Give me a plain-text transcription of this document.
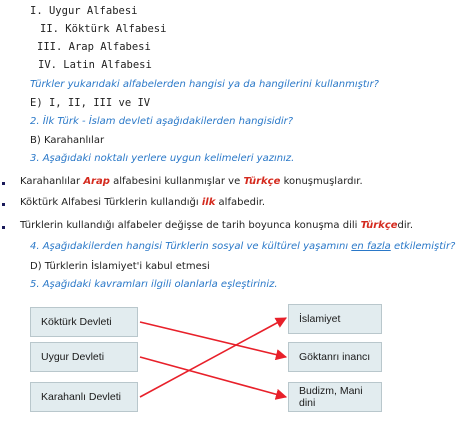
I. Uygur Alfabesi
II. Köktürk Alfabesi
III. Arap Alfabesi
IV. Latin Alfabesi
Türkler yukarıdaki alfabelerden hangisi ya da hangilerini kullanmıştır?
E) I, II, III ve IV
2. İlk Türk - İslam devleti aşağıdakilerden hangisidir?
B) Karahanlılar
3. Aşağıdaki noktalı yerlere uygun kelimeleri yazınız.
Karahanlılar Arap alfabesini kullanmışlar ve Türkçe konuşmuşlardır.
Köktürk Alfabesi Türklerin kullandığı ilk alfabedir.
Türklerin kullandığı alfabeler değişse de tarih boyunca konuşma dili Türkçedir.
4. Aşağıdakilerden hangisi Türklerin sosyal ve kültürel yaşamını en fazla etkilemiştir?
D) Türklerin İslamiyet'i kabul etmesi
5. Aşağıdaki kavramları ilgili olanlarla eşleştiriniz.
Köktürk Devleti
Uygur Devleti
Karahanlı Devleti
İslamiyet
Göktanrı inancı
Budizm, Mani dini
